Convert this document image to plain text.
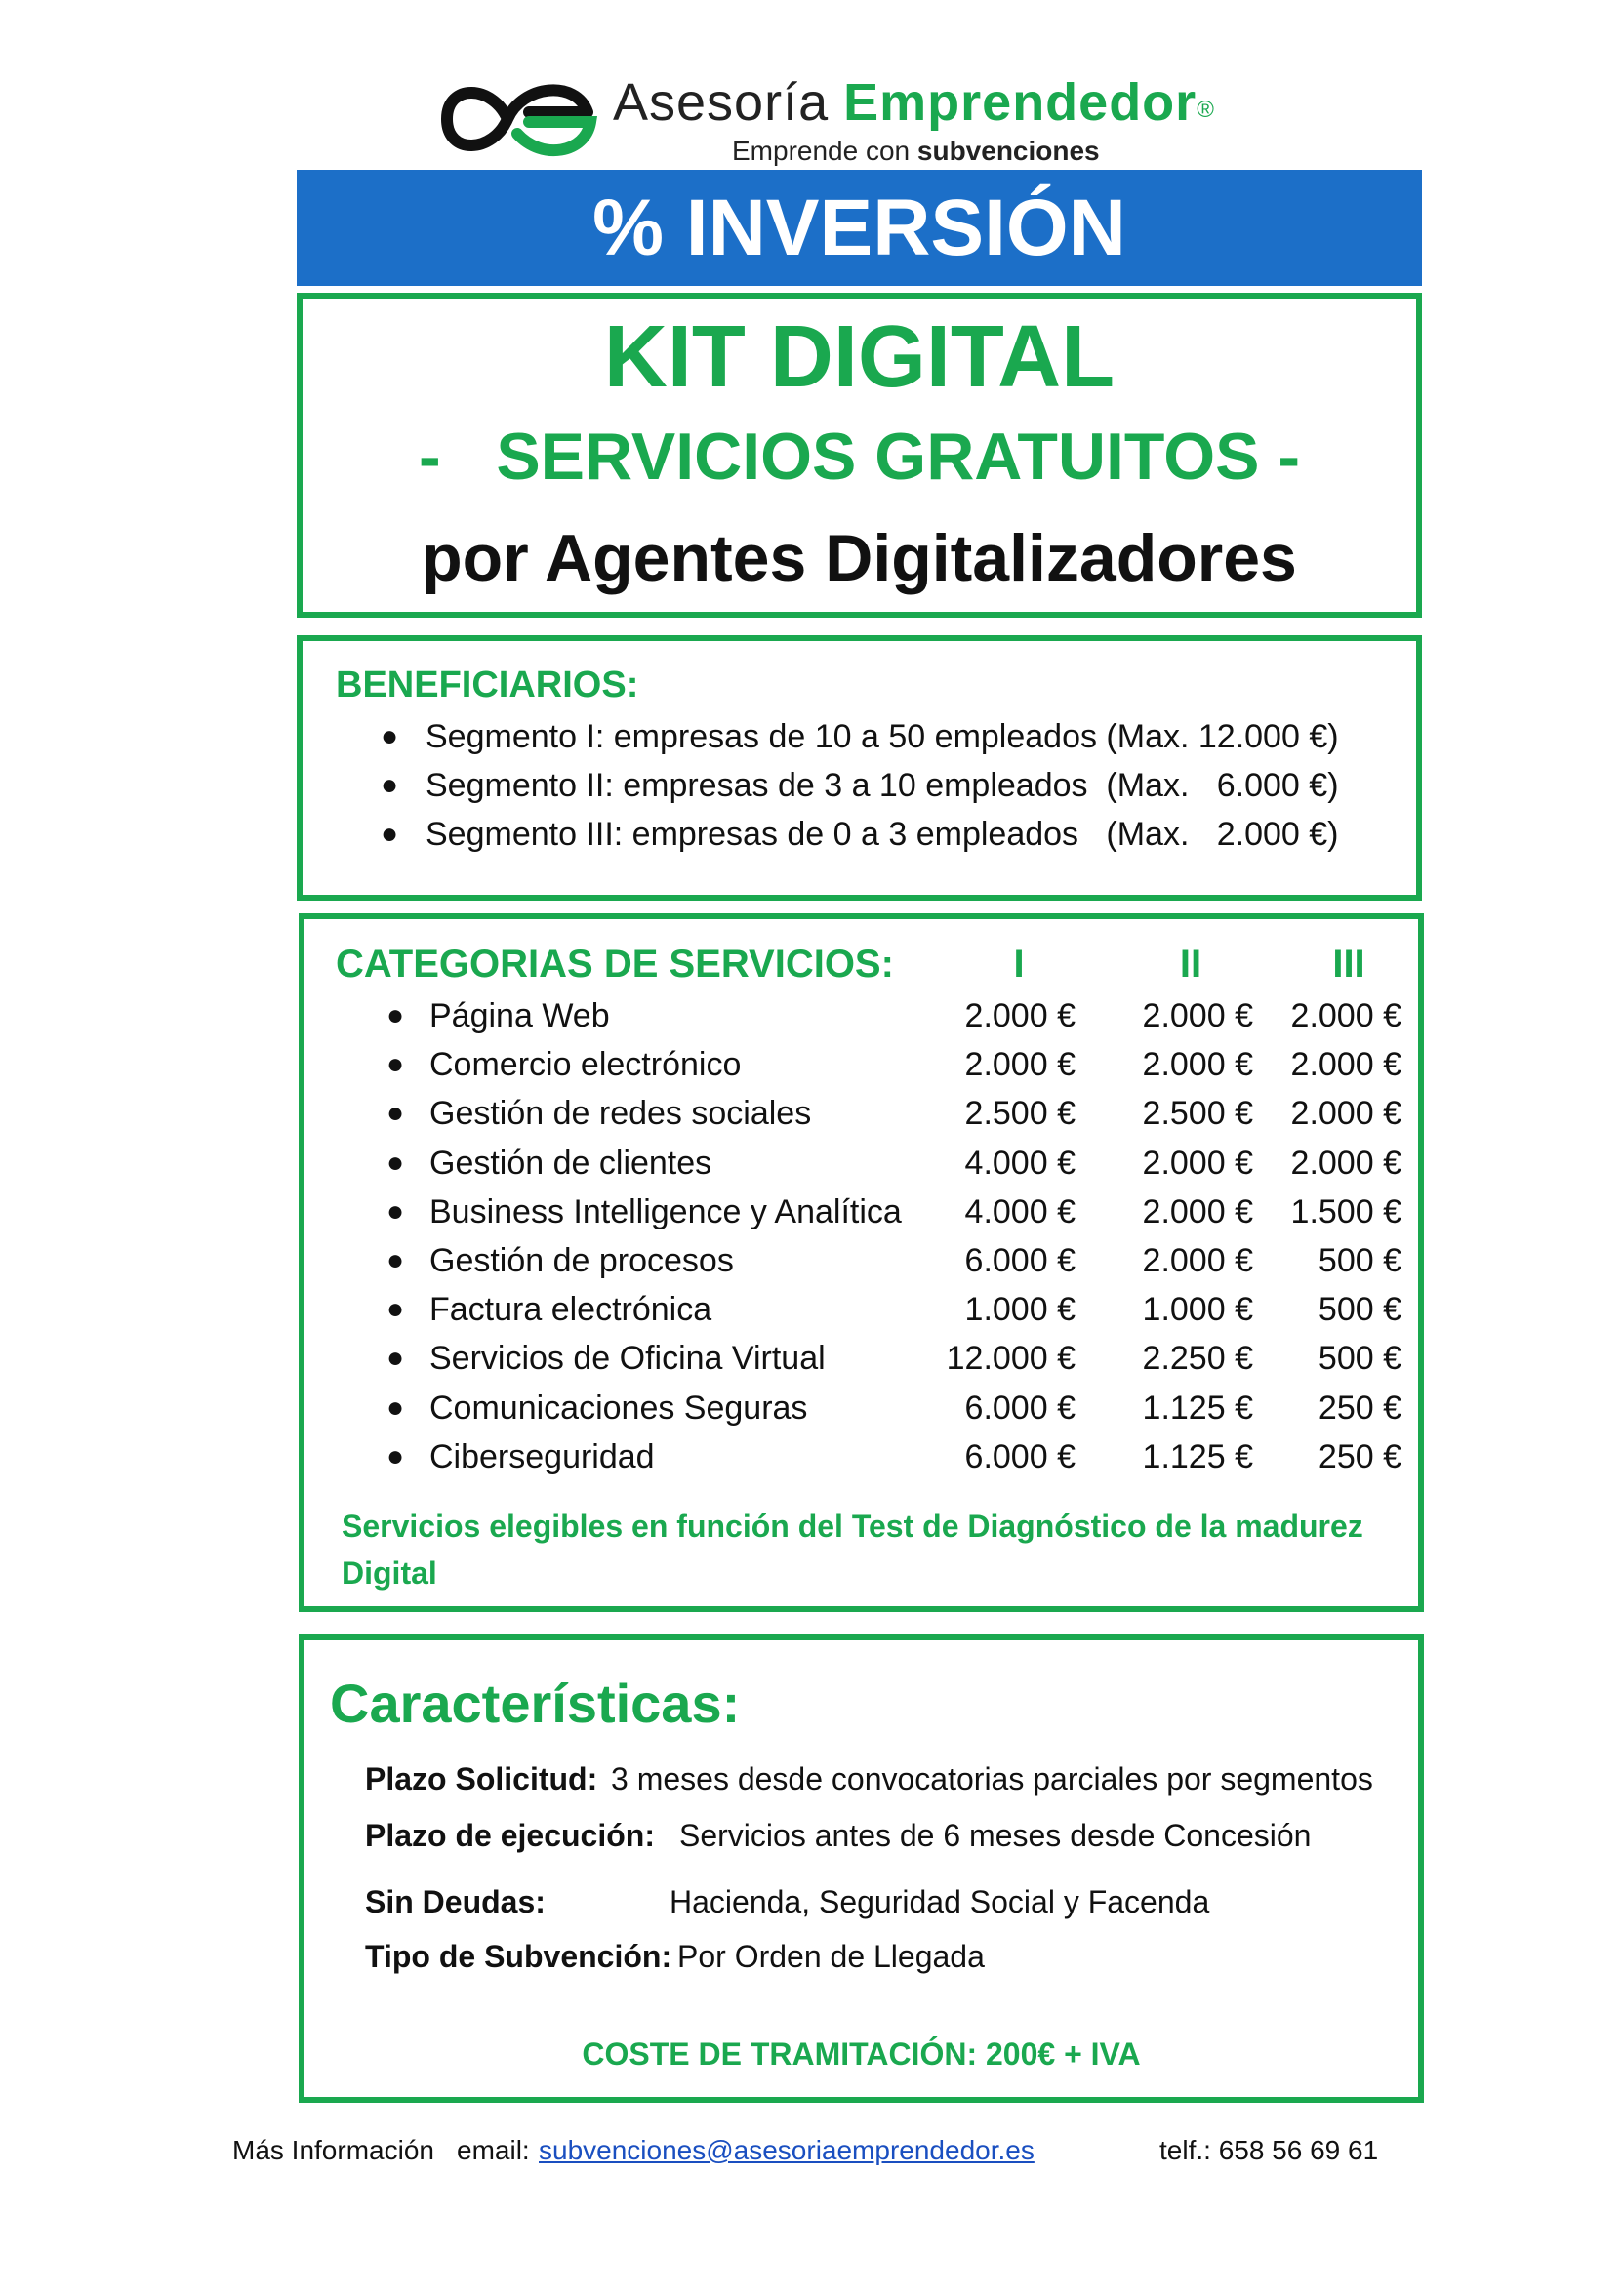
Asesoría Emprendedor®
Emprende con subvenciones
% INVERSIÓN
KIT DIGITAL
-   SERVICIOS GRATUITOS -
por Agentes Digitalizadores
BENEFICIARIOS:
● Segmento I: empresas de 10 a 50 empleados (Max. 12.000 €)
● Segmento II: empresas de 3 a 10 empleados  (Max.   6.000 €)
● Segmento III: empresas de 0 a 3 empleados   (Max.   2.000 €)
CATEGORIAS DE SERVICIOS:	I	II	III
● Página Web	2.000 € 2.000 € 2.000 €
● Comercio electrónico	2.000 € 2.000 € 2.000 €
● Gestión de redes sociales	2.500 € 2.500 € 2.000 €
● Gestión de clientes	4.000 € 2.000 € 2.000 €
● Business Intelligence y Analítica 4.000 € 2.000 € 1.500 €
● Gestión de procesos	6.000 € 2.000 € 500 €
● Factura electrónica	1.000 € 1.000 € 500 €
● Servicios de Oficina Virtual	12.000 € 2.250 € 500 €
● Comunicaciones Seguras	6.000 € 1.125 € 250 €
● Ciberseguridad	6.000 € 1.125 € 250 €
Servicios elegibles en función del Test de Diagnóstico de la madurez Digital
Características:
Plazo Solicitud: 3 meses desde convocatorias parciales por segmentos
Plazo de ejecución: Servicios antes de 6 meses desde Concesión
Sin Deudas:	Hacienda, Seguridad Social y Facenda
Tipo de Subvención: Por Orden de Llegada
COSTE DE TRAMITACIÓN: 200€ + IVA
Más Información email: subvenciones@asesoriaemprendedor.es	telf.: 658 56 69 61
